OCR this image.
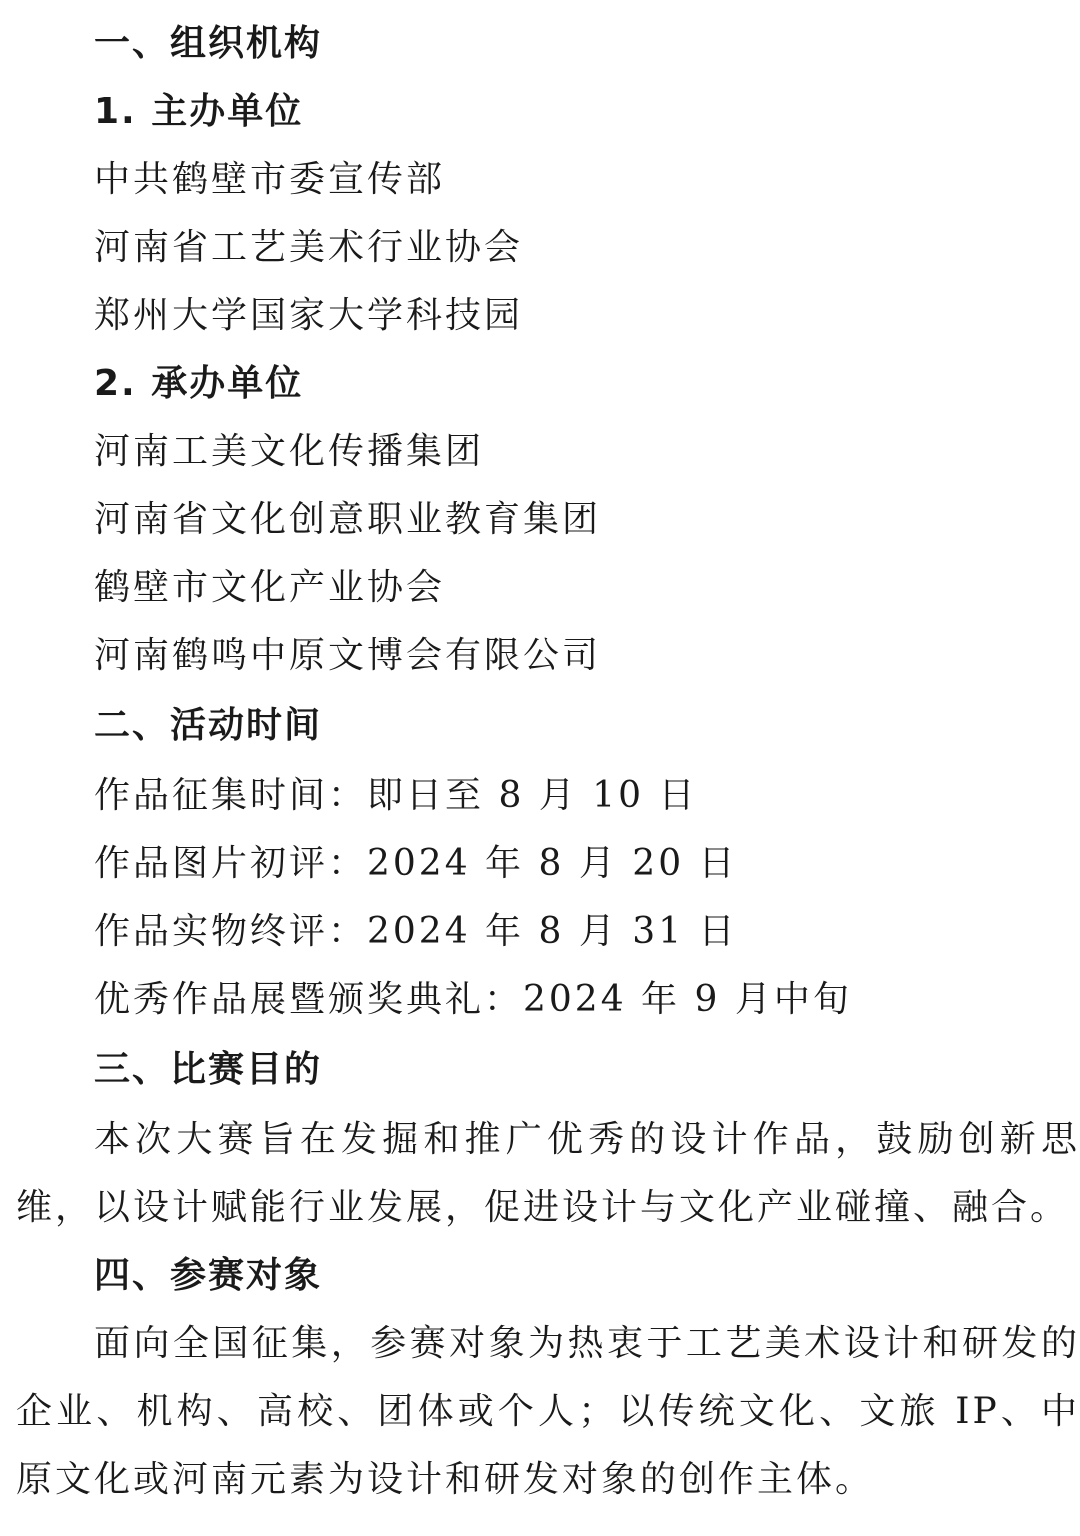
一、组织机构
1. 主办单位
中共鹤壁市委宣传部
河南省工艺美术行业协会
郑州大学国家大学科技园
2. 承办单位
河南工美文化传播集团
河南省文化创意职业教育集团
鹤壁市文化产业协会
河南鹤鸣中原文博会有限公司
二、活动时间
作品征集时间：即日至 8 月 10 日
作品图片初评：2024 年 8 月 20 日
作品实物终评：2024 年 8 月 31 日
优秀作品展暨颁奖典礼：2024 年 9 月中旬
三、比赛目的
本次大赛旨在发掘和推广优秀的设计作品，鼓励创新思维，以设计赋能行业发展，促进设计与文化产业碰撞、融合。
四、参赛对象
面向全国征集，参赛对象为热衷于工艺美术设计和研发的企业、机构、高校、团体或个人；以传统文化、文旅 IP、中原文化或河南元素为设计和研发对象的创作主体。
